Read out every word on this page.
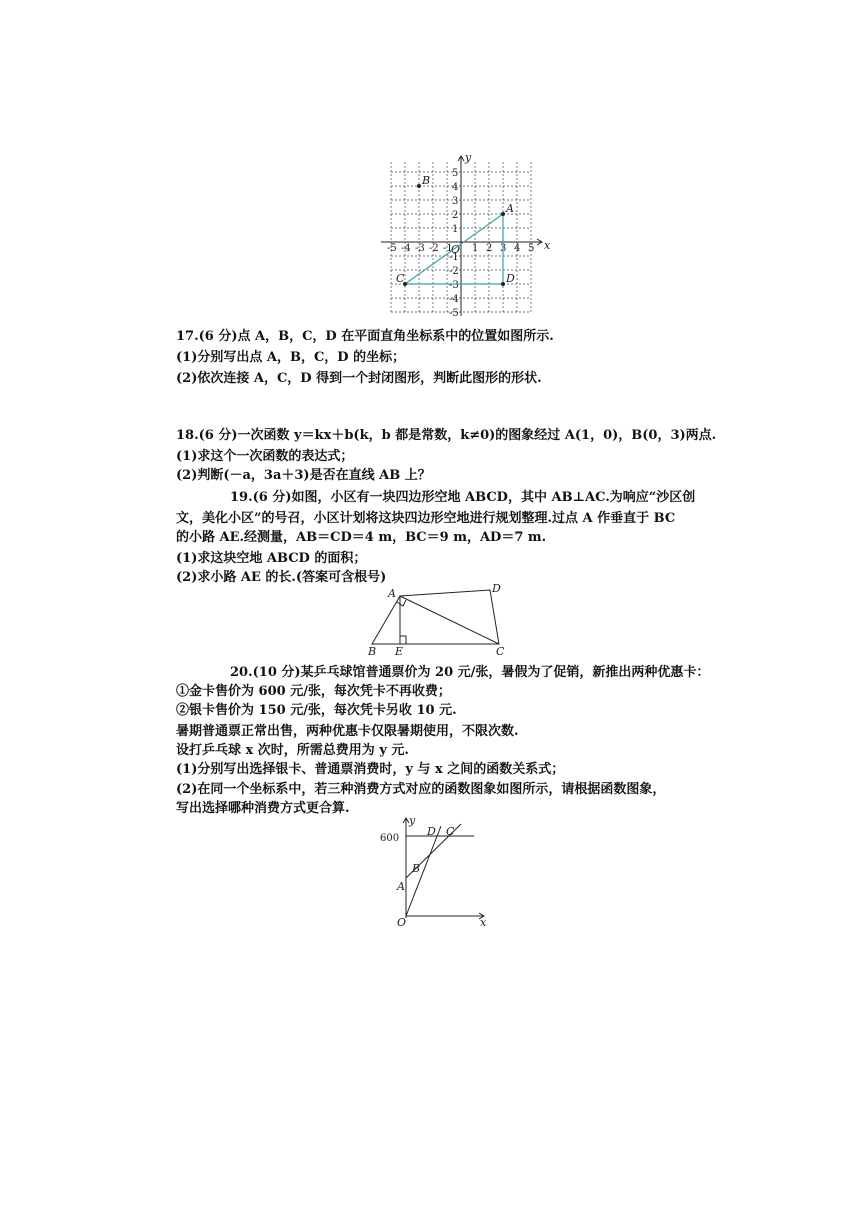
x
y
O
-5 -4 -3 -2 -1 1 2 3 4 5
5
4
3
2
1
-1
-2
-3
-4
-5
A
B
C	D
17.(6 分)点 A，B，C，D 在平面直角坐标系中的位置如图所示.
(1)分别写出点 A，B，C，D 的坐标；
(2)依次连接 A，C，D 得到一个封闭图形，判断此图形的形状.
18.(6 分)一次函数 y＝kx＋b(k，b 都是常数，k≠0)的图象经过 A(1，0)，B(0，3)两点.
(1)求这个一次函数的表达式；
(2)判断(－a，3a＋3)是否在直线 AB 上？
19.(6 分)如图，小区有一块四边形空地 ABCD，其中 AB⊥AC.为响应“沙区创
文，美化小区”的号召，小区计划将这块四边形空地进行规划整理.过点 A 作垂直于 BC
的小路 AE.经测量，AB＝CD＝4 m，BC＝9 m，AD＝7 m.
(1)求这块空地 ABCD 的面积；
(2)求小路 AE 的长.(答案可含根号)
A	D
B E	C
20.(10 分)某乒乓球馆普通票价为 20 元/张，暑假为了促销，新推出两种优惠卡：
①金卡售价为 600 元/张，每次凭卡不再收费；
②银卡售价为 150 元/张，每次凭卡另收 10 元.
暑期普通票正常出售，两种优惠卡仅限暑期使用，不限次数.
设打乒乓球 x 次时，所需总费用为 y 元.
(1)分别写出选择银卡、普通票消费时，y 与 x 之间的函数关系式；
(2)在同一个坐标系中，若三种消费方式对应的函数图象如图所示，请根据函数图象，
写出选择哪种消费方式更合算.
600
y
x
O
A
B
D C
